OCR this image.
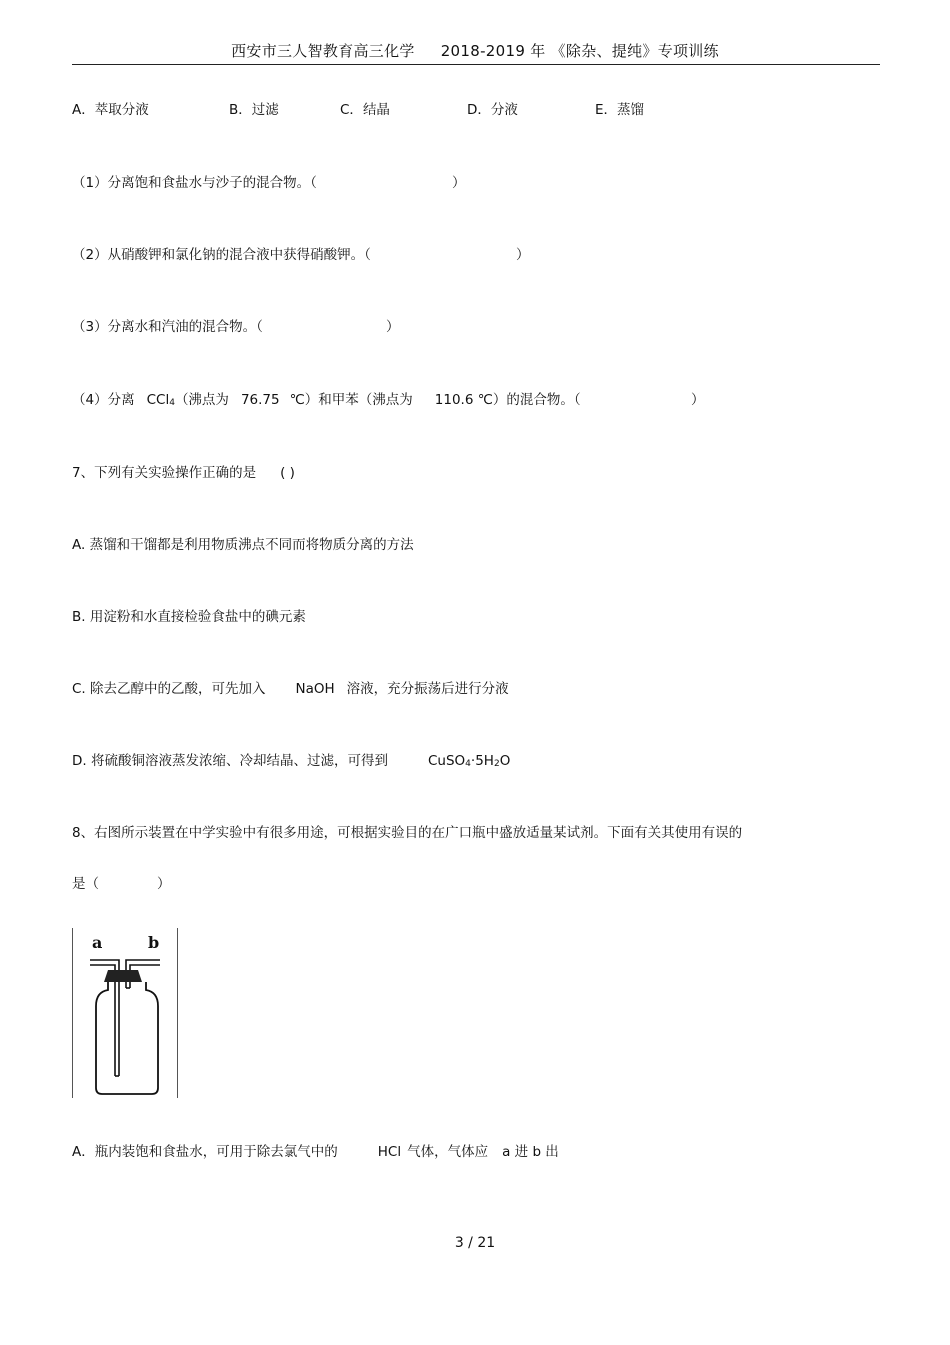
西安市三人智教育高三化学 2018-2019 年 《除杂、提纯》专项训练
A．萃取分液	B．过滤	C．结晶	D．分液	E．蒸馏
（1）分离饱和食盐水与沙子的混合物。（	）
（2）从硝酸钾和氯化钠的混合液中获得硝酸钾。（	）
（3）分离水和汽油的混合物。（	）
（4）分离 CCl$_4$（沸点为 76.75 ℃）和甲苯（沸点为 110.6 ℃）的混合物。（	）
7、下列有关实验操作正确的是 ( )
A. 蒸馏和干馏都是利用物质沸点不同而将物质分离的方法
B. 用淀粉和水直接检验食盐中的碘元素
C. 除去乙醇中的乙酸，可先加入 NaOH 溶液，充分振荡后进行分液
D. 将硫酸铜溶液蒸发浓缩、冷却结晶、过滤，可得到	$CuSO_4\cdot 5H_2O$
8、右图所示装置在中学实验中有很多用途，可根据实验目的在广口瓶中盛放适量某试剂。下面有关其使用有误的
是（	）
a	b
A．瓶内装饱和食盐水，可用于除去氯气中的	HCl 气体，气体应 a 进 b 出
3 / 21
